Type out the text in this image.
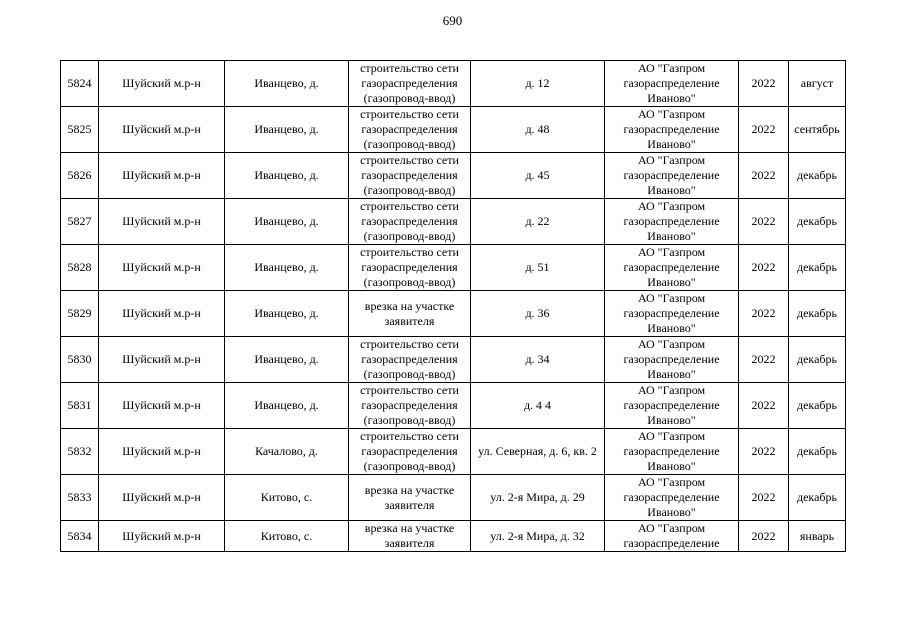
690
5824	Шуйский м.р-н	Иванцево, д.	строительство сети газораспределения (газопровод-ввод)	д. 12	АО "Газпром газораспределение Иваново"	2022	август

5825	Шуйский м.р-н	Иванцево, д.	строительство сети газораспределения (газопровод-ввод)	д. 48	АО "Газпром газораспределение Иваново"	2022	сентябрь

5826	Шуйский м.р-н	Иванцево, д.	строительство сети газораспределения (газопровод-ввод)	д. 45	АО "Газпром газораспределение Иваново"	2022	декабрь

5827	Шуйский м.р-н	Иванцево, д.	строительство сети газораспределения (газопровод-ввод)	д. 22	АО "Газпром газораспределение Иваново"	2022	декабрь

5828	Шуйский м.р-н	Иванцево, д.	строительство сети газораспределения (газопровод-ввод)	д. 51	АО "Газпром газораспределение Иваново"	2022	декабрь

5829	Шуйский м.р-н	Иванцево, д.	врезка на участке заявителя	д. 36	АО "Газпром газораспределение Иваново"	2022	декабрь

5830	Шуйский м.р-н	Иванцево, д.	строительство сети газораспределения (газопровод-ввод)	д. 34	АО "Газпром газораспределение Иваново"	2022	декабрь

5831	Шуйский м.р-н	Иванцево, д.	строительство сети газораспределения (газопровод-ввод)	д. 4 4	АО "Газпром газораспределение Иваново"	2022	декабрь

5832	Шуйский м.р-н	Качалово, д.	строительство сети газораспределения (газопровод-ввод)	ул. Северная, д. 6, кв. 2	АО "Газпром газораспределение Иваново"	2022	декабрь

5833	Шуйский м.р-н	Китово, с.	врезка на участке заявителя	ул. 2-я Мира, д. 29	АО "Газпром газораспределение Иваново"	2022	декабрь

5834	Шуйский м.р-н	Китово, с.	врезка на участке заявителя	ул. 2-я Мира, д. 32	АО "Газпром газораспределение	2022	январь
